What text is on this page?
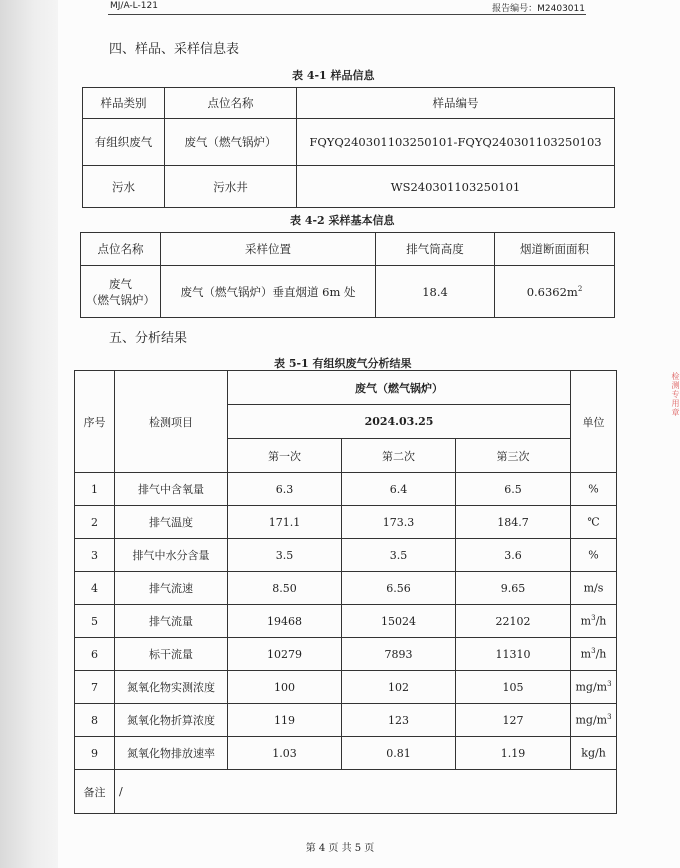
MJ/A-L-121	报告编号：M2403011
四、样品、采样信息表
表 4-1 样品信息
样品类别	点位名称	样品编号
有组织废气	废气（燃气锅炉）	FQYQ240301103250101-FQYQ240301103250103
污水	污水井	WS240301103250101
表 4-2 采样基本信息
点位名称	采样位置	排气筒高度	烟道断面面积

废气
（燃气锅炉）	废气（燃气锅炉）垂直烟道 6m 处	18.4	$0.6362m^2$
五、分析结果
表 5-1 有组织废气分析结果
序号	检测项目	废气（燃气锅炉）			单位
		2024.03.25			
		第一次	第二次	第三次	
1	排气中含氧量	6.3	6.4	6.5	%
2	排气温度	171.1	173.3	184.7	℃
3	排气中水分含量	3.5	3.5	3.6	%
4	排气流速	8.50	6.56	9.65	m/s
5	排气流量	19468	15024	22102	$m^3/h$
6	标干流量	10279	7893	11310	$m^3/h$
7	氮氧化物实测浓度	100	102	105	$mg/m^3$
8	氮氧化物折算浓度	119	123	127	$mg/m^3$
9	氮氧化物排放速率	1.03	0.81	1.19	kg/h
备注	/				
检测专用章
第 4 页 共 5 页
